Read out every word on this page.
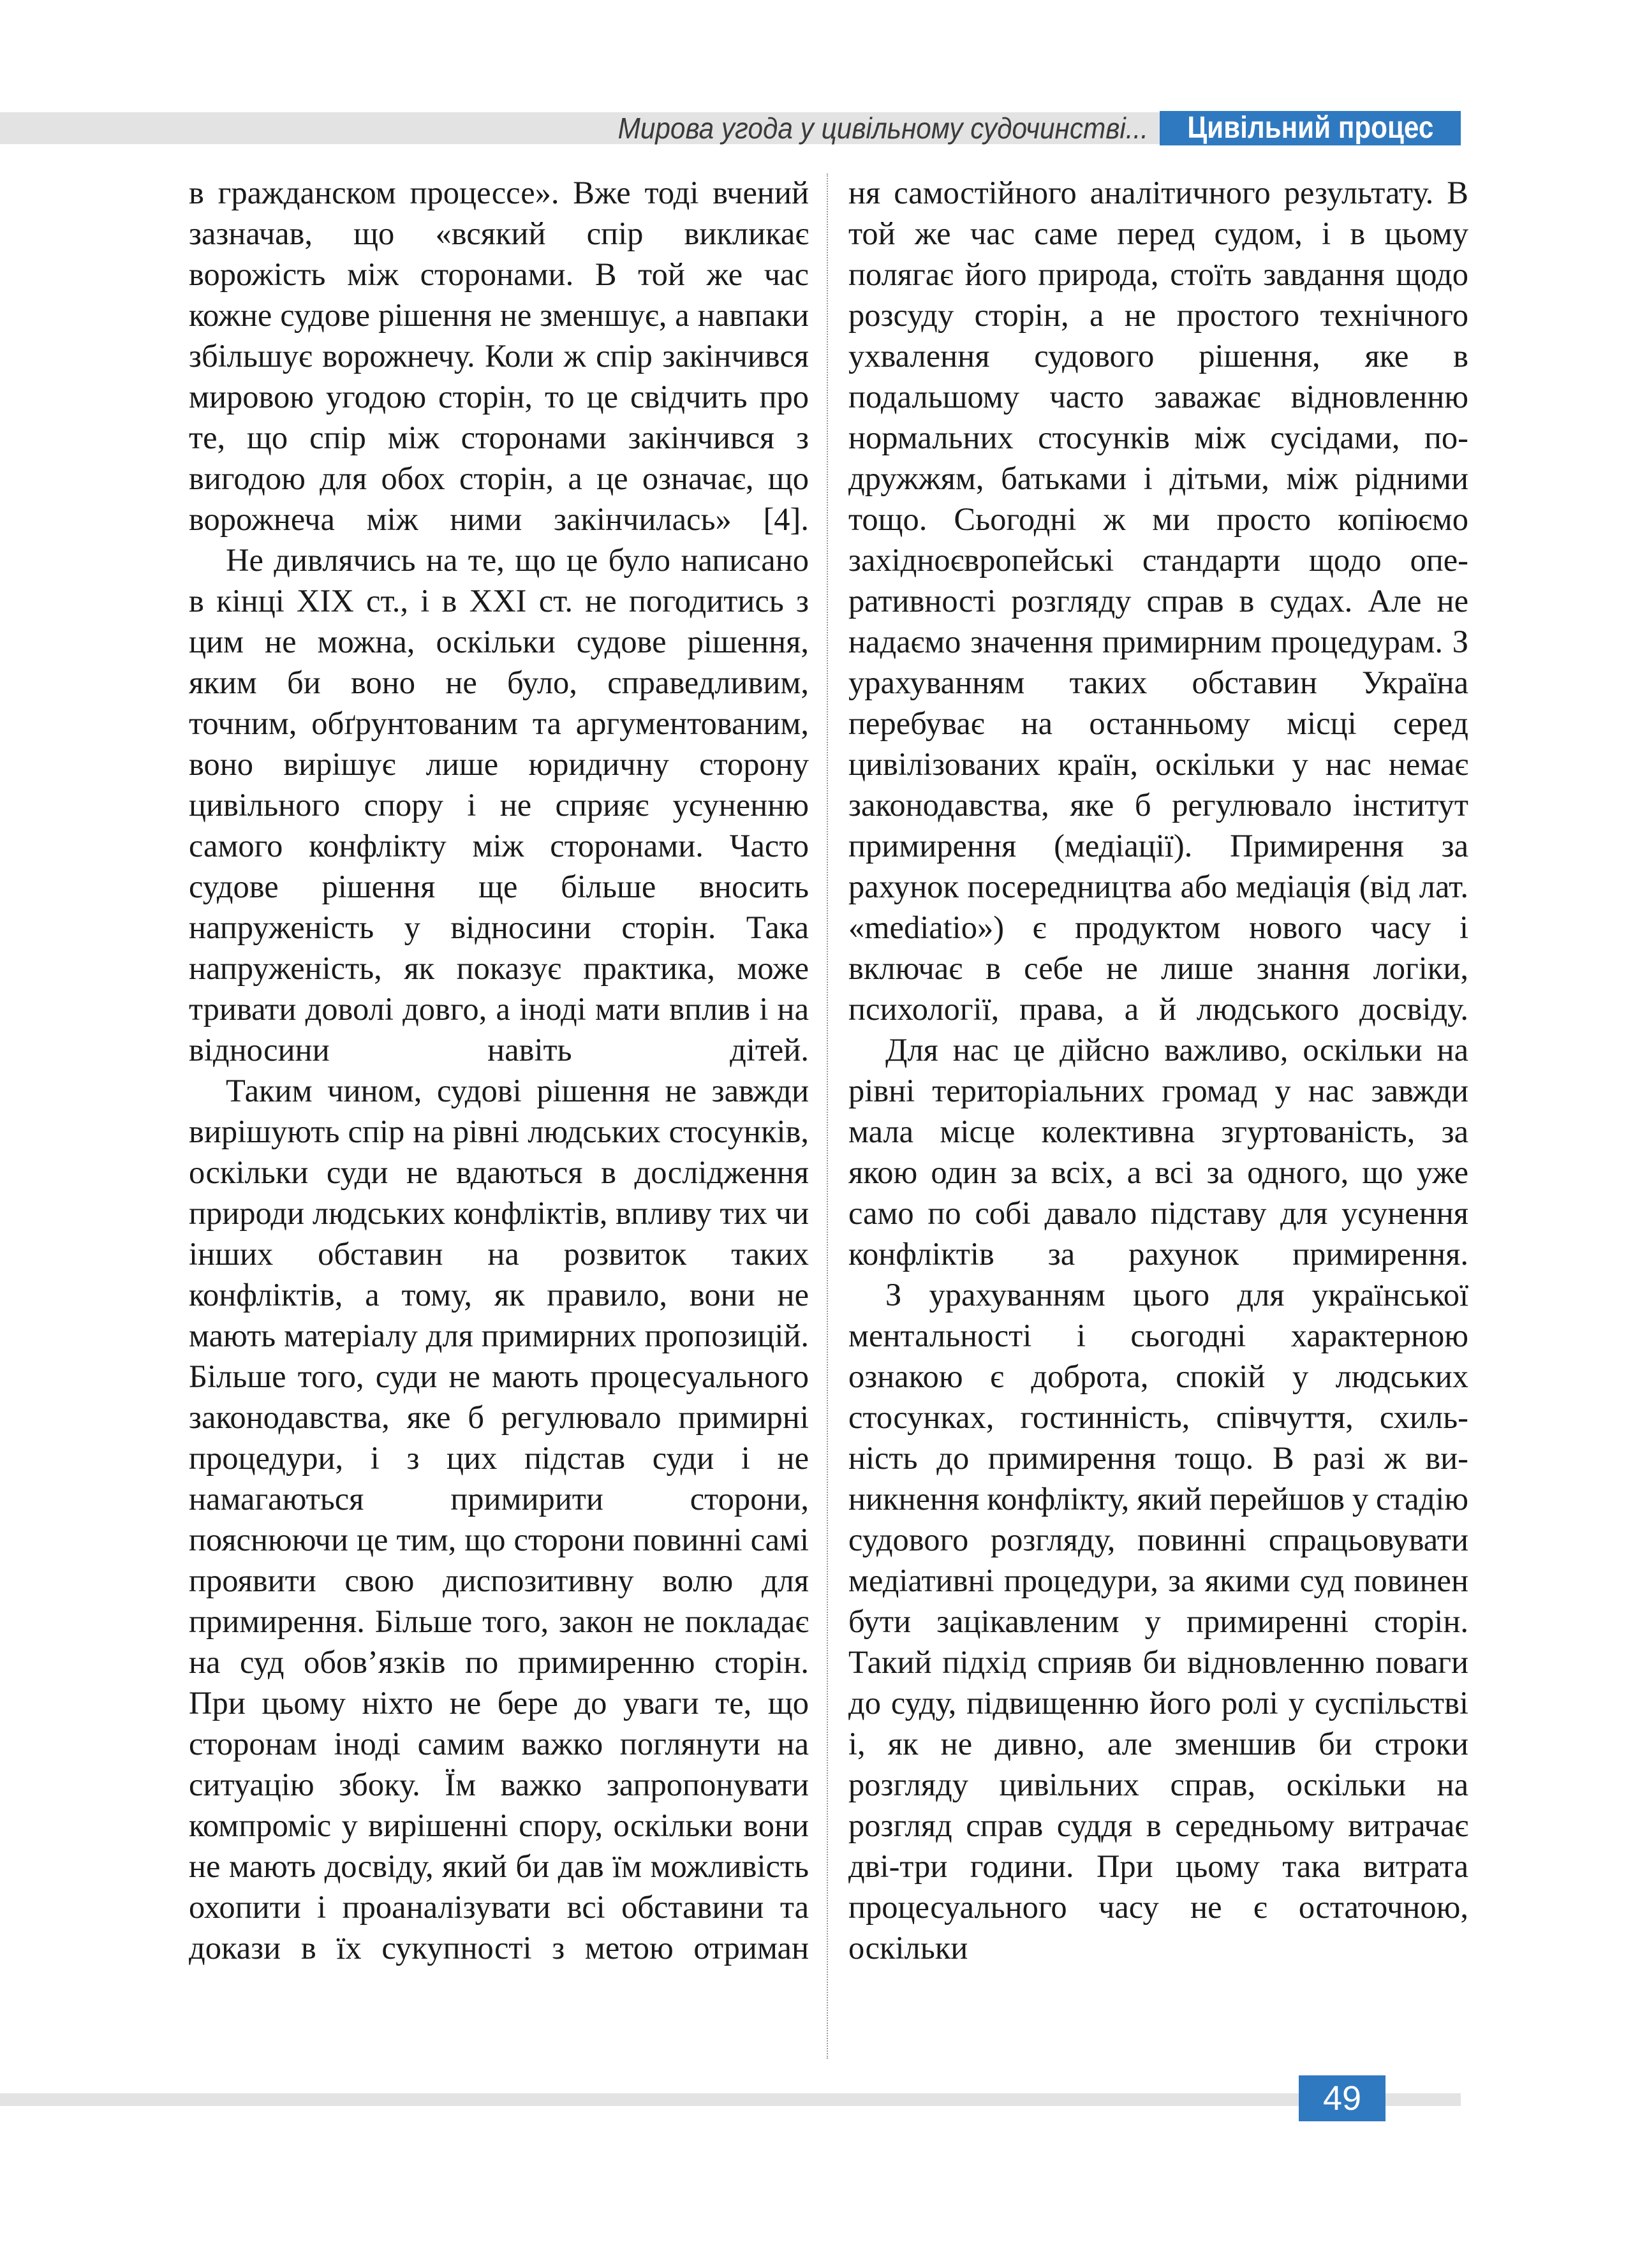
Мирова угода у цивільному судочинстві...	Цивільний процес

в гражданском процессе». Вже тоді вчений зазначав, що «всякий спір викликає ворожість між сторонами. В той же час кожне судове рішення не зменшує, а навпаки збільшує ворожнечу. Коли ж спір закінчився мировою угодою сторін, то це свідчить про те, що спір між сторонами закінчився з вигодою для обох сторін, а це означає, що ворожнеча між ними закінчилась» [4].

Не дивлячись на те, що це було написано в кінці XIX ст., і в XXI ст. не погодитись з цим не можна, оскільки судове рішення, яким би воно не було, справедливим, точним, обґрунтованим та аргументованим, воно вирішує лише юридичну сторону цивільного спору і не сприяє усуненню самого конфлікту між сторонами. Часто судове рішення ще більше вносить напруженість у відносини сторін. Така напруженість, як показує практика, може тривати доволі довго, а іноді мати вплив і на відносини навіть дітей.

Таким чином, судові рішення не завжди вирішують спір на рівні людських стосунків, оскільки суди не вдаються в дослідження природи людських конфліктів, впливу тих чи інших обставин на розвиток таких конфліктів, а тому, як правило, вони не мають матеріалу для примирних пропозицій. Більше того, суди не мають процесуального законодавства, яке б регулювало примирні процедури, і з цих підстав суди і не намагаються примирити сторони, пояснюючи це тим, що сторони повинні самі проявити свою диспозитивну волю для примирення. Більше того, закон не покладає на суд обов’язків по примиренню сторін. При цьому ніхто не бере до уваги те, що сторонам іноді самим важко поглянути на ситуацію збоку. Їм важко запропонувати компроміс у вирішенні спору, оскільки вони не мають досвіду, який би дав їм можливість охопити і проаналізувати всі обставини та докази в їх сукупності з метою отриман

ня самостійного аналітичного результату. В той же час саме перед судом, і в цьому полягає його природа, стоїть завдання щодо розсуду сторін, а не простого технічного ухвалення судового рішення, яке в подальшому часто заважає відновленню нормальних стосунків між сусідами, подружжям, батьками і дітьми, між рідними тощо. Сьогодні ж ми просто копіюємо західноєвропейські стандарти щодо оперативності розгляду справ в судах. Але не надаємо значення примирним процедурам. З урахуванням таких обставин Україна перебуває на останньому місці серед цивілізованих країн, оскільки у нас немає законодавства, яке б регулювало інститут примирення (медіації). Примирення за рахунок посередництва або медіація (від лат. «mediatio») є продуктом нового часу і включає в себе не лише знання логіки, психології, права, а й людського досвіду.

Для нас це дійсно важливо, оскільки на рівні територіальних громад у нас завжди мала місце колективна згуртованість, за якою один за всіх, а всі за одного, що уже само по собі давало підставу для усунення конфліктів за рахунок примирення.

З урахуванням цього для української ментальності і сьогодні характерною ознакою є доброта, спокій у людських стосунках, гостинність, співчуття, схильність до примирення тощо. В разі ж виникнення конфлікту, який перейшов у стадію судового розгляду, повинні спрацьовувати медіативні процедури, за якими суд повинен бути зацікавленим у примиренні сторін. Такий підхід сприяв би відновленню поваги до суду, підвищенню його ролі у суспільстві і, як не дивно, але зменшив би строки розгляду цивільних справ, оскільки на розгляд справ суддя в середньому витрачає дві-три години. При цьому така витрата процесуального часу не є остаточною, оскільки

49
